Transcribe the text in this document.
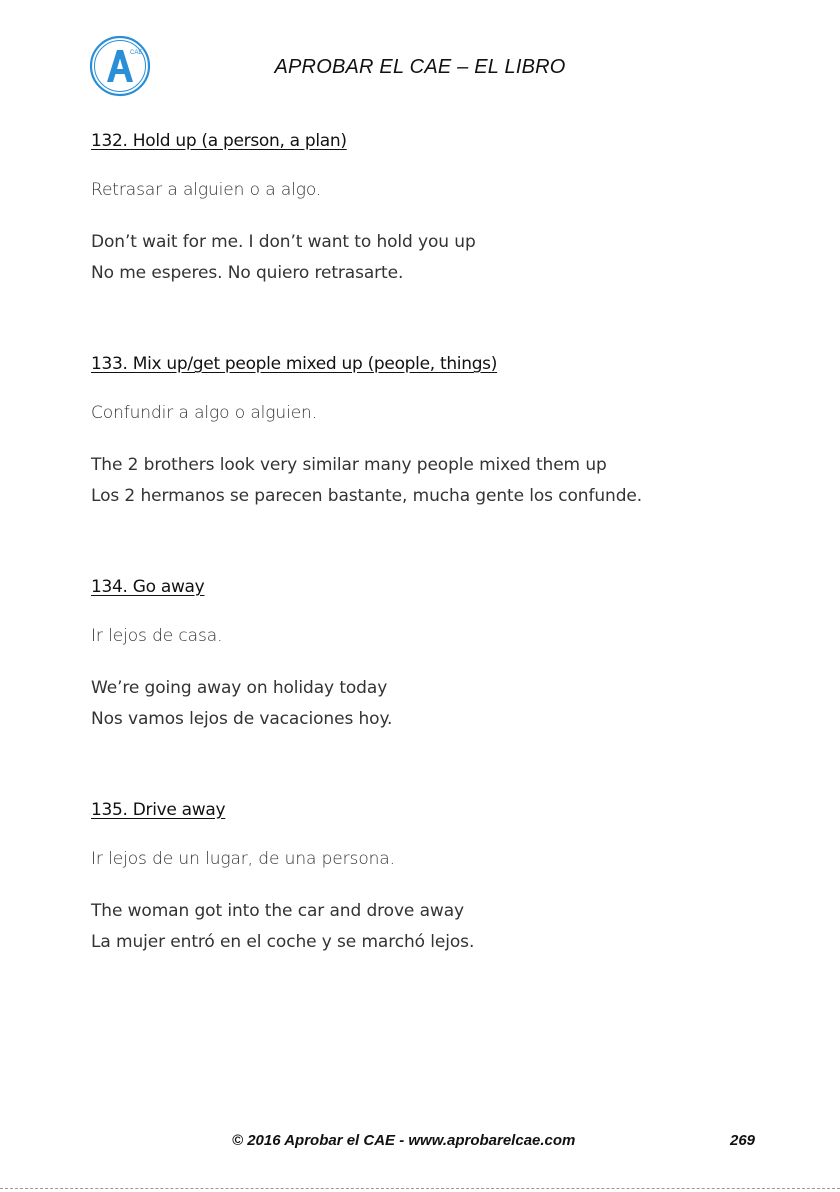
CAE
APROBAR EL CAE – EL LIBRO
132. Hold up (a person, a plan)
Retrasar a alguien o a algo.
Don’t wait for me. I don’t want to hold you up
No me esperes. No quiero retrasarte.
133. Mix up/get people mixed up (people, things)
Confundir a algo o alguien.
The 2 brothers look very similar many people mixed them up
Los 2 hermanos se parecen bastante, mucha gente los confunde.
134. Go away
Ir lejos de casa.
We’re going away on holiday today
Nos vamos lejos de vacaciones hoy.
135. Drive away
Ir lejos de un lugar, de una persona.
The woman got into the car and drove away
La mujer entró en el coche y se marchó lejos.
© 2016 Aprobar el CAE - www.aprobarelcae.com	269
